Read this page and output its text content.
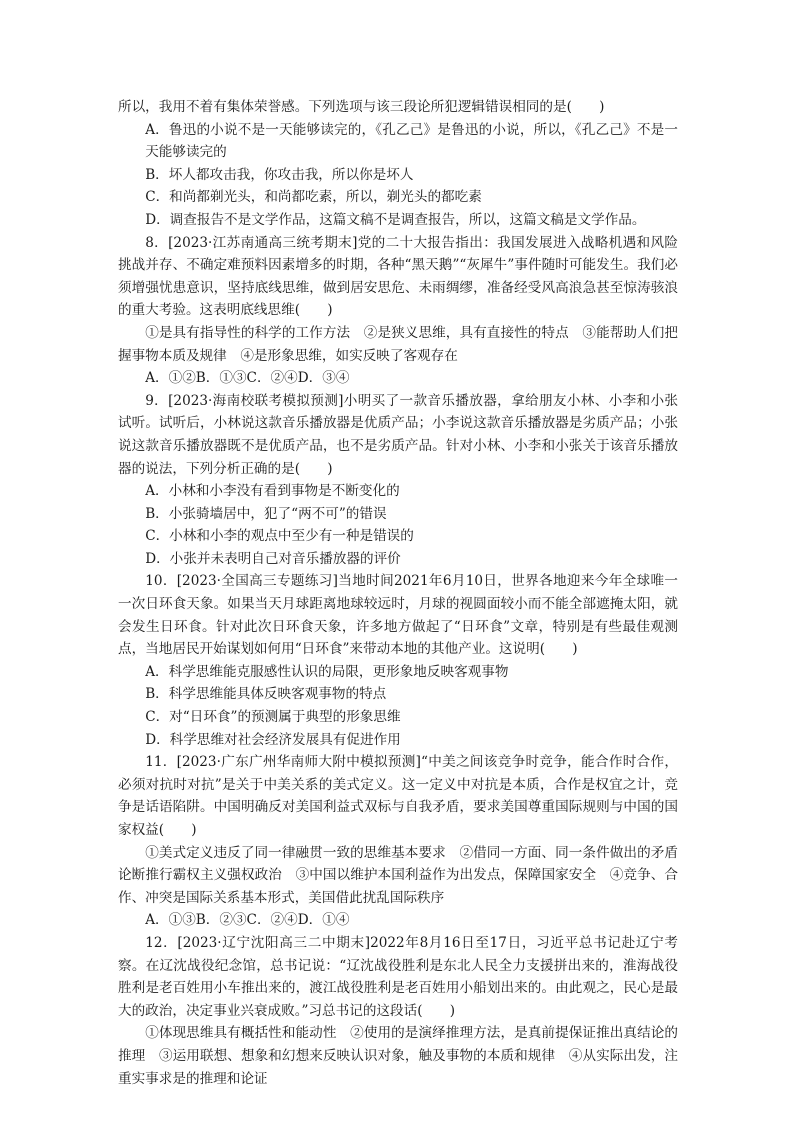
所以，我用不着有集体荣誉感。下列选项与该三段论所犯逻辑错误相同的是(　　)

A．鲁迅的小说不是一天能够读完的，《孔乙己》是鲁迅的小说，所以，《孔乙己》不是一天能够读完的

B．坏人都攻击我，你攻击我，所以你是坏人

C．和尚都剃光头，和尚都吃素，所以，剃光头的都吃素

D．调查报告不是文学作品，这篇文稿不是调查报告，所以，这篇文稿是文学作品。

8．[2023·江苏南通高三统考期末]党的二十大报告指出：我国发展进入战略机遇和风险挑战并存、不确定难预料因素增多的时期，各种“黑天鹅”“灰犀牛”事件随时可能发生。我们必须增强忧患意识，坚持底线思维，做到居安思危、未雨绸缪，准备经受风高浪急甚至惊涛骇浪的重大考验。这表明底线思维(　　)

①是具有指导性的科学的工作方法　②是狭义思维，具有直接性的特点　③能帮助人们把握事物本质及规律　④是形象思维，如实反映了客观存在

A．①②B．①③C．②④D．③④

9．[2023·海南校联考模拟预测]小明买了一款音乐播放器，拿给朋友小林、小李和小张试听。试听后，小林说这款音乐播放器是优质产品；小李说这款音乐播放器是劣质产品；小张说这款音乐播放器既不是优质产品，也不是劣质产品。针对小林、小李和小张关于该音乐播放器的说法，下列分析正确的是(　　)

A．小林和小李没有看到事物是不断变化的

B．小张骑墙居中，犯了“两不可”的错误

C．小林和小李的观点中至少有一种是错误的

D．小张并未表明自己对音乐播放器的评价

10．[2023·全国高三专题练习]当地时间2021年6月10日，世界各地迎来今年全球唯一一次日环食天象。如果当天月球距离地球较远时，月球的视圆面较小而不能全部遮掩太阳，就会发生日环食。针对此次日环食天象，许多地方做起了“日环食”文章，特别是有些最佳观测点，当地居民开始谋划如何用“日环食”来带动本地的其他产业。这说明(　　)

A．科学思维能克服感性认识的局限，更形象地反映客观事物

B．科学思维能具体反映客观事物的特点

C．对“日环食”的预测属于典型的形象思维

D．科学思维对社会经济发展具有促进作用

11．[2023·广东广州华南师大附中模拟预测]“中美之间该竞争时竞争，能合作时合作，必须对抗时对抗”是关于中美关系的美式定义。这一定义中对抗是本质，合作是权宜之计，竞争是话语陷阱。中国明确反对美国利益式双标与自我矛盾，要求美国尊重国际规则与中国的国家权益(　　)

①美式定义违反了同一律融贯一致的思维基本要求　②借同一方面、同一条件做出的矛盾论断推行霸权主义强权政治　③中国以维护本国利益作为出发点，保障国家安全　④竞争、合作、冲突是国际关系基本形式，美国借此扰乱国际秩序

A．①③B．②③C．②④D．①④

12．[2023·辽宁沈阳高三二中期末]2022年8月16日至17日，习近平总书记赴辽宁考察。在辽沈战役纪念馆，总书记说：“辽沈战役胜利是东北人民全力支援拼出来的，淮海战役胜利是老百姓用小车推出来的，渡江战役胜利是老百姓用小船划出来的。由此观之，民心是最大的政治，决定事业兴衰成败。”习总书记的这段话(　　)

①体现思维具有概括性和能动性　②使用的是演绎推理方法，是真前提保证推出真结论的推理　③运用联想、想象和幻想来反映认识对象，触及事物的本质和规律　④从实际出发，注重实事求是的推理和论证
